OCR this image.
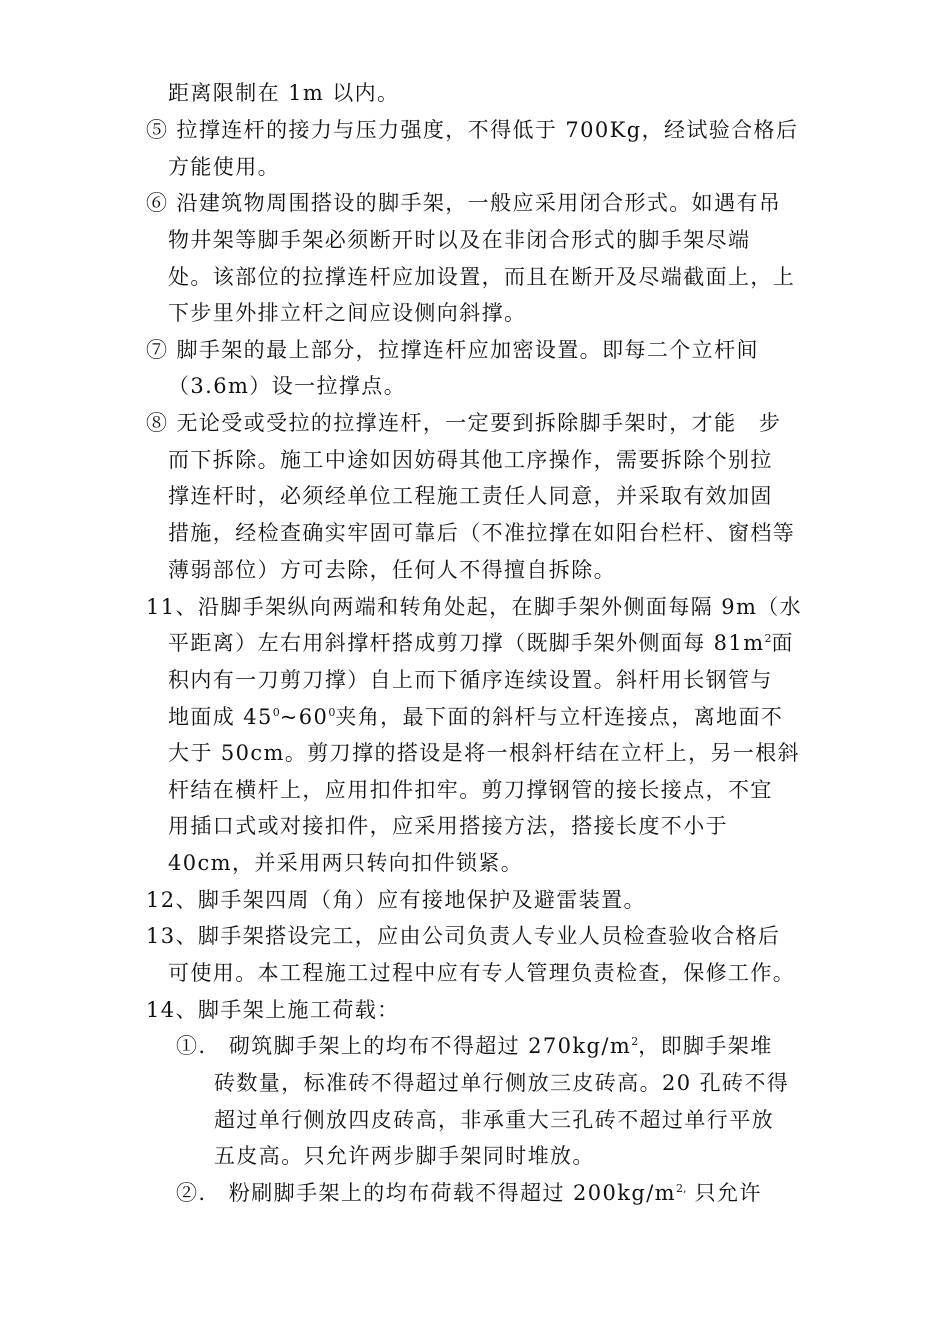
距离限制在 1m 以内。
⑤ 拉撑连杆的接力与压力强度，不得低于 700Kg，经试验合格后
方能使用。
⑥ 沿建筑物周围搭设的脚手架，一般应采用闭合形式。如遇有吊
物井架等脚手架必须断开时以及在非闭合形式的脚手架尽端
处。该部位的拉撑连杆应加设置，而且在断开及尽端截面上，上
下步里外排立杆之间应设侧向斜撑。
⑦ 脚手架的最上部分，拉撑连杆应加密设置。即每二个立杆间
（3.6m）设一拉撑点。
⑧ 无论受或受拉的拉撑连杆，一定要到拆除脚手架时，才能　步
而下拆除。施工中途如因妨碍其他工序操作，需要拆除个别拉
撑连杆时，必须经单位工程施工责任人同意，并采取有效加固
措施，经检查确实牢固可靠后（不准拉撑在如阳台栏杆、窗档等
薄弱部位）方可去除，任何人不得擅自拆除。
11、沿脚手架纵向两端和转角处起，在脚手架外侧面每隔 9m（水
平距离）左右用斜撑杆搭成剪刀撑（既脚手架外侧面每 $81m^2$面
积内有一刀剪刀撑）自上而下循序连续设置。斜杆用长钢管与
地面成 $45^0\sim 60^0$夹角，最下面的斜杆与立杆连接点，离地面不
大于 50cm。剪刀撑的搭设是将一根斜杆结在立杆上，另一根斜
杆结在横杆上，应用扣件扣牢。剪刀撑钢管的接长接点，不宜
用插口式或对接扣件，应采用搭接方法，搭接长度不小于
40cm，并采用两只转向扣件锁紧。
12、脚手架四周（角）应有接地保护及避雷装置。
13、脚手架搭设完工，应由公司负责人专业人员检查验收合格后
可使用。本工程施工过程中应有专人管理负责检查，保修工作。
14、脚手架上施工荷载：
①.　砌筑脚手架上的均布不得超过 $270kg/m^2$，即脚手架堆
砖数量，标准砖不得超过单行侧放三皮砖高。20 孔砖不得
超过单行侧放四皮砖高，非承重大三孔砖不超过单行平放
五皮高。只允许两步脚手架同时堆放。
②.　粉刷脚手架上的均布荷载不得超过 $200kg/m^{2,}$ 只允许
